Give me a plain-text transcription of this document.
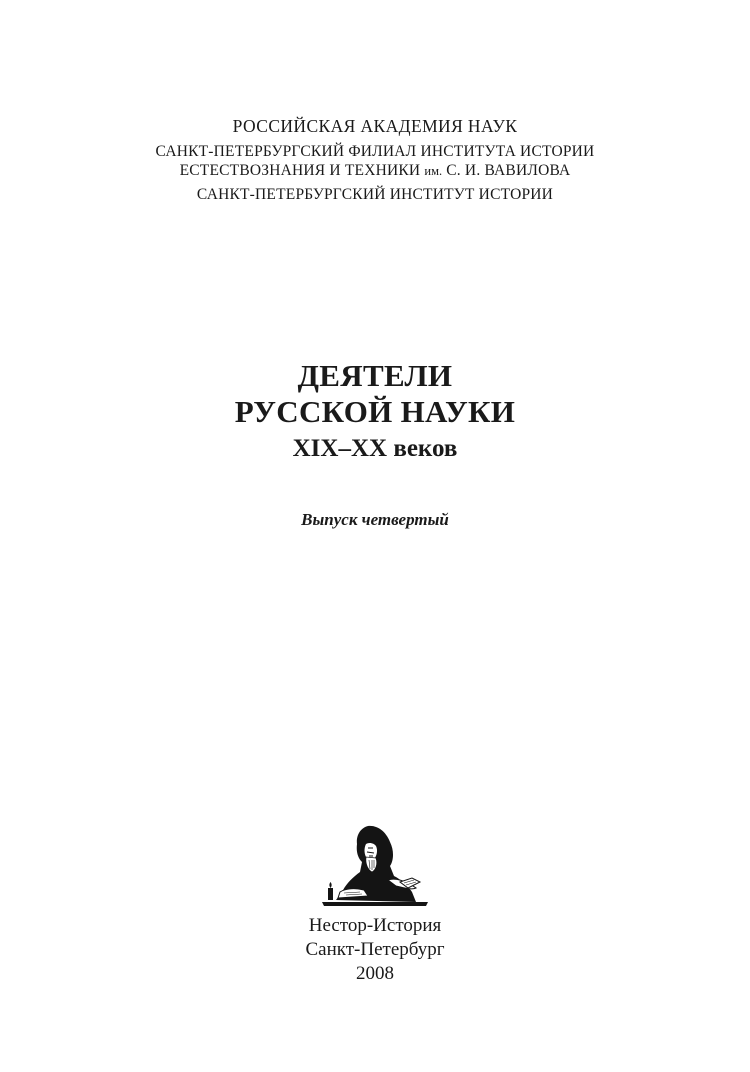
РОССИЙСКАЯ АКАДЕМИЯ НАУК
САНКТ-ПЕТЕРБУРГСКИЙ ФИЛИАЛ ИНСТИТУТА ИСТОРИИ
ЕСТЕСТВОЗНАНИЯ И ТЕХНИКИ им. С. И. ВАВИЛОВА
САНКТ-ПЕТЕРБУРГСКИЙ ИНСТИТУТ ИСТОРИИ
ДЕЯТЕЛИ
РУССКОЙ НАУКИ
XIX–XX веков
Выпуск четвертый
Нестор-История
Санкт-Петербург
2008
